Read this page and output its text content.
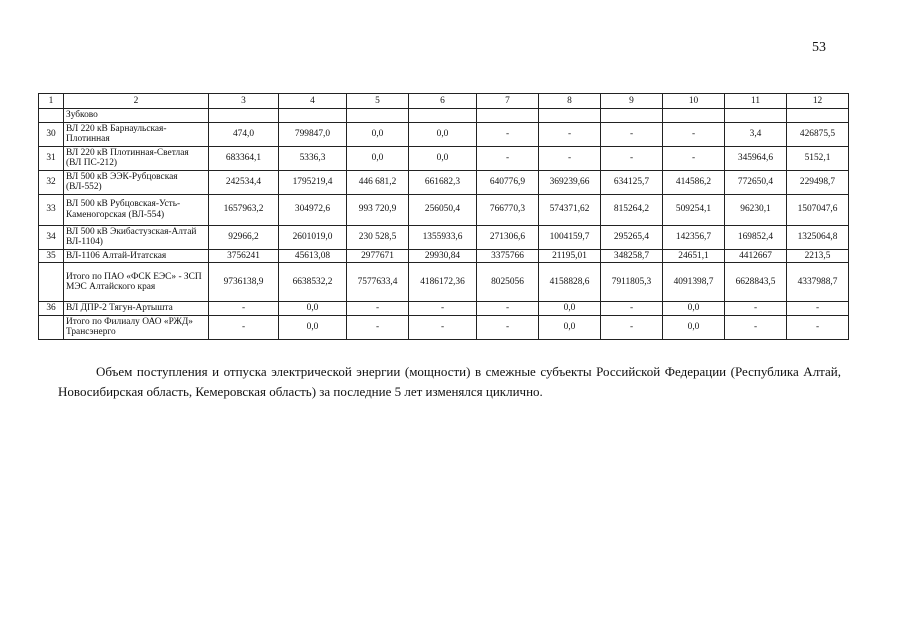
53
1	2	3	4	5	6	7	8	9	10	11	12
	Зубково										
30	ВЛ 220 кВ Барнаульская-Плотинная	474,0	799847,0	0,0	0,0	-	-	-	-	3,4	426875,5
31	ВЛ 220 кВ Плотинная-Светлая (ВЛ ПС-212)	683364,1	5336,3	0,0	0,0	-	-	-	-	345964,6	5152,1
32	ВЛ 500 кВ ЭЭК-Рубцовская (ВЛ-552)	242534,4	1795219,4	446 681,2	661682,3	640776,9	369239,66	634125,7	414586,2	772650,4	229498,7
33	ВЛ 500 кВ Рубцовская-Усть-Каменогорская (ВЛ-554)	1657963,2	304972,6	993 720,9	256050,4	766770,3	574371,62	815264,2	509254,1	96230,1	1507047,6
34	ВЛ 500 кВ Экибастузская-Алтай ВЛ-1104)	92966,2	2601019,0	230 528,5	1355933,6	271306,6	1004159,7	295265,4	142356,7	169852,4	1325064,8
35	ВЛ-1106 Алтай-Итатская	3756241	45613,08	2977671	29930,84	3375766	21195,01	348258,7	24651,1	4412667	2213,5
	Итого по ПАО «ФСК ЕЭС» - ЗСП МЭС Алтайского края	9736138,9	6638532,2	7577633,4	4186172,36	8025056	4158828,6	7911805,3	4091398,7	6628843,5	4337988,7
36	ВЛ ДПР-2 Тягун-Артышта	-	0,0	-	-	-	0,0	-	0,0	-	-
	Итого по Филиалу ОАО «РЖД» Трансэнерго	-	0,0	-	-	-	0,0	-	0,0	-	-

Объем поступления и отпуска электрической энергии (мощности) в смежные субъекты Российской Федерации (Республика Алтай, Новосибирская область, Кемеровская область) за последние 5 лет изменялся циклично.
